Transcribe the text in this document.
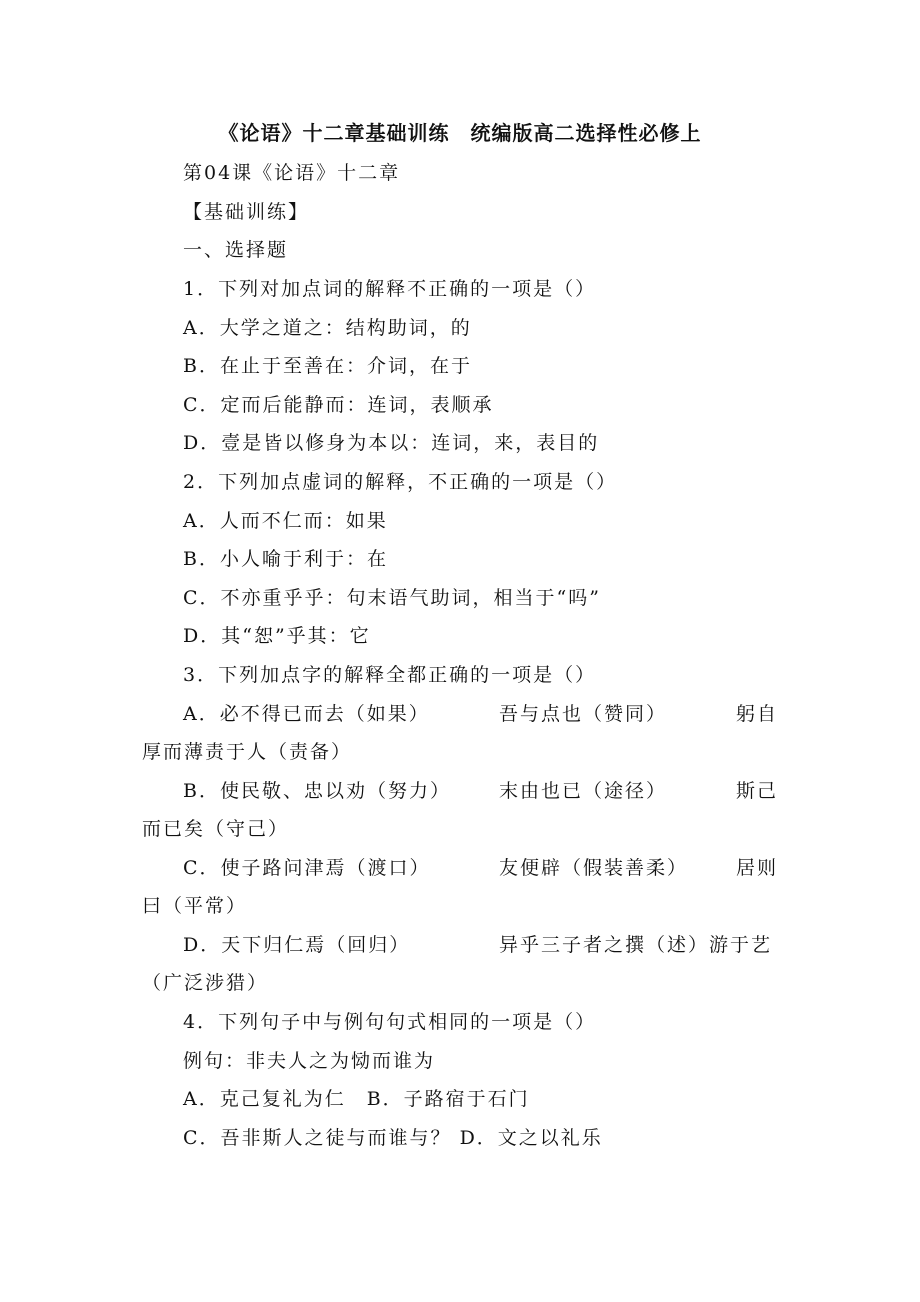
《论语》十二章基础训练　统编版高二选择性必修上
第04课《论语》十二章
【基础训练】
一、选择题
1．下列对加点词的解释不正确的一项是（）
A．大学之道之：结构助词，的
B．在止于至善在：介词，在于
C．定而后能静而：连词，表顺承
D．壹是皆以修身为本以：连词，来，表目的
2．下列加点虚词的解释，不正确的一项是（）
A．人而不仁而：如果
B．小人喻于利于：在
C．不亦重乎乎：句末语气助词，相当于“吗”
D．其“恕”乎其：它
3．下列加点字的解释全都正确的一项是（）
A．必不得已而去（如果）	吾与点也（赞同）	躬自
厚而薄责于人（责备）
B．使民敬、忠以劝（努力）	末由也已（途径）	斯己
而已矣（守己）
C．使子路问津焉（渡口）	友便辟（假装善柔）	居则
曰（平常）
D．天下归仁焉（回归）	异乎三子者之撰（述）游于艺
（广泛涉猎）
4．下列句子中与例句句式相同的一项是（）
例句：非夫人之为恸而谁为
A．克己复礼为仁　B．子路宿于石门
C．吾非斯人之徒与而谁与？ D．文之以礼乐
